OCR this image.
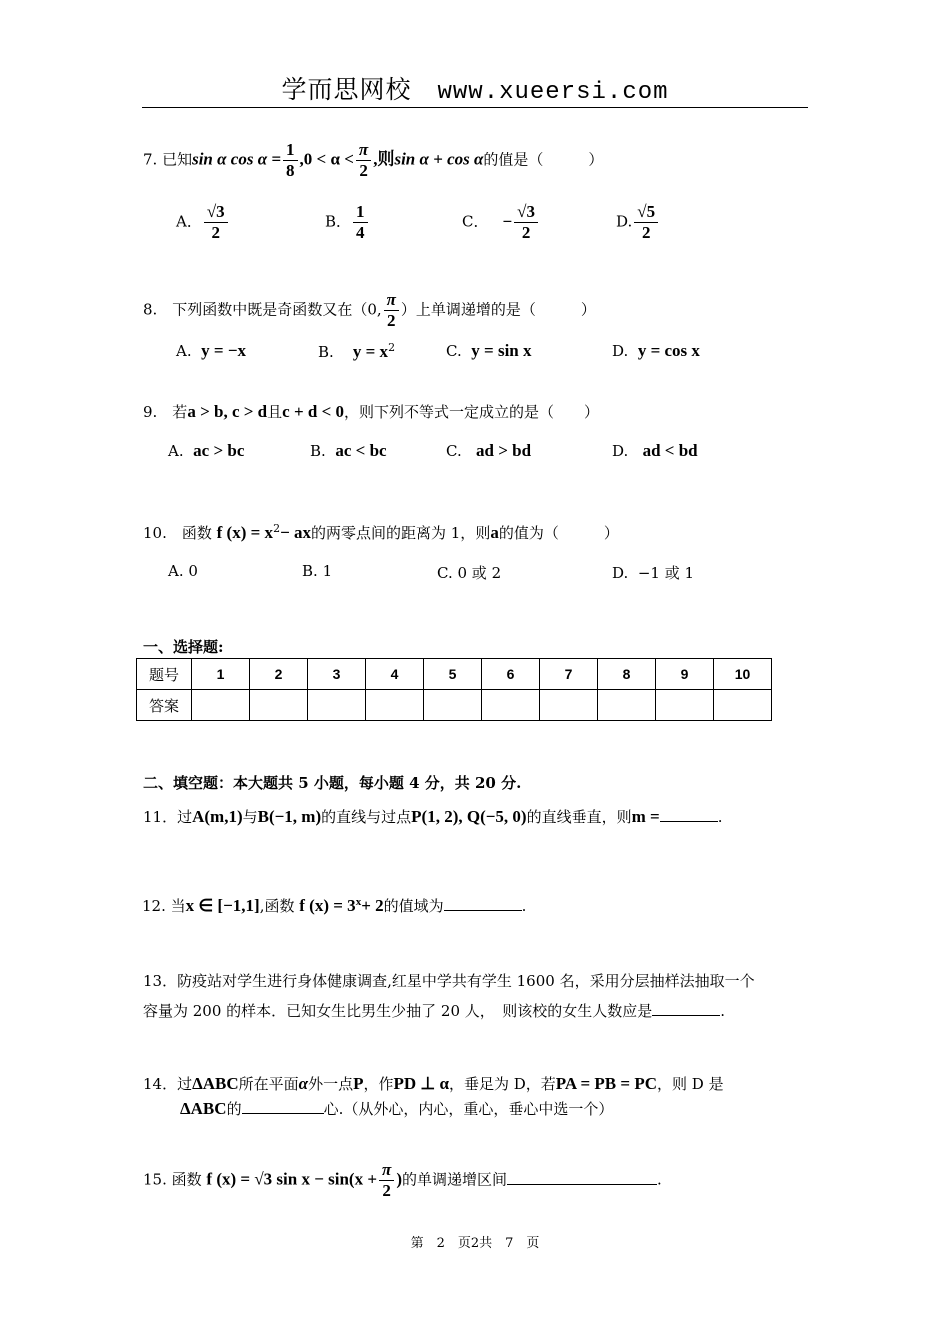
学而思网校 www.xueersi.com
7. 已知sin α $\cos \alpha = \frac{1}{8} ,0 < \alpha < \frac{\pi}{2}$ ,则sin α + cos α的值是（　　　）
A． $\frac{√3}{2}$	B． $\frac{1}{4}$	C． − $\frac{√3}{2}$	D. $\frac{√5}{2}$
8.　下列函数中既是奇函数又在（0, $\frac{\pi}{2}$ ）上单调递增的是（　　　）
A. y = −x	B. $y = x^2$	C. y = sin x	D. y = cos x
9.　若a > b, c > d且c + d < 0，则下列不等式一定成立的是（　　）
A. ac > bc	B. ac < bc	C. ad > bd	D. ad < bd
10.　函数 f $(x) = x^2-$ ax的两零点间的距离为 1，则a的值为（　　　）
A. 0	B. 1	C. 0 或 2	D. −1 或 1
一、选择题:
题号	1	2	3	4	5	6	7	8	9	10
答案										
二、填空题：本大题共 5 小题，每小题 4 分，共 20 分.
11．过A(m,1)与B(−1, m)的直线与过点P(1, 2), Q(−5, 0)的直线垂直，则m =	.
12. 当x ∈ [−1,1],函数 f $(x) = 3^x+ 2$的值域为	.
13．防疫站对学生进行身体健康调查,红星中学共有学生 1600 名，采用分层抽样法抽取一个
容量为 200 的样本．已知女生比男生少抽了 20 人，　则该校的女生人数应是	.
14．过ΔABC所在平面α外一点P，作PD ⊥ α，垂足为 D，若PA = PB = PC，则 D 是
ΔABC的	心.（从外心，内心，重心，垂心中选一个）
15. 函数 f (x) = √3 $\sin x - \sin(x + \frac{\pi}{2}$ )的单调递增区间	.
第　2　页2共　7　页
